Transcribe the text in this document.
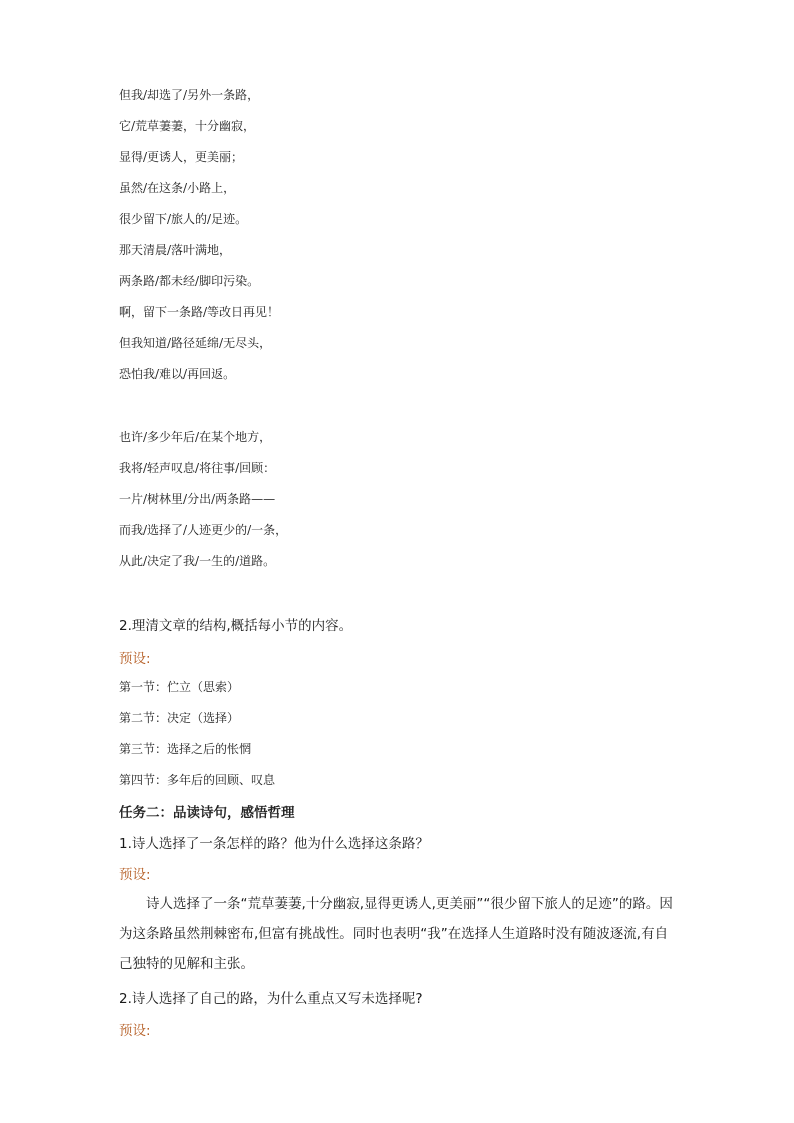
但我/却选了/另外一条路，
它/荒草萋萋，十分幽寂，
显得/更诱人，更美丽；
虽然/在这条/小路上，
很少留下/旅人的/足迹。
那天清晨/落叶满地，
两条路/都未经/脚印污染。
啊，留下一条路/等改日再见！
但我知道/路径延绵/无尽头，
恐怕我/难以/再回返。
也许/多少年后/在某个地方，
我将/轻声叹息/将往事/回顾：
一片/树林里/分出/两条路——
而我/选择了/人迹更少的/一条，
从此/决定了我/一生的/道路。
2.理清文章的结构,概括每小节的内容。
预设:
第一节：伫立（思索）
第二节：决定（选择）
第三节：选择之后的怅惘
第四节：多年后的回顾、叹息
任务二：品读诗句，感悟哲理
1.诗人选择了一条怎样的路？他为什么选择这条路？
预设:
诗人选择了一条“荒草萋萋,十分幽寂,显得更诱人,更美丽”“很少留下旅人的足迹”的路。因为这条路虽然荆棘密布,但富有挑战性。同时也表明“我”在选择人生道路时没有随波逐流,有自己独特的见解和主张。
2.诗人选择了自己的路，为什么重点又写未选择呢?
预设:
